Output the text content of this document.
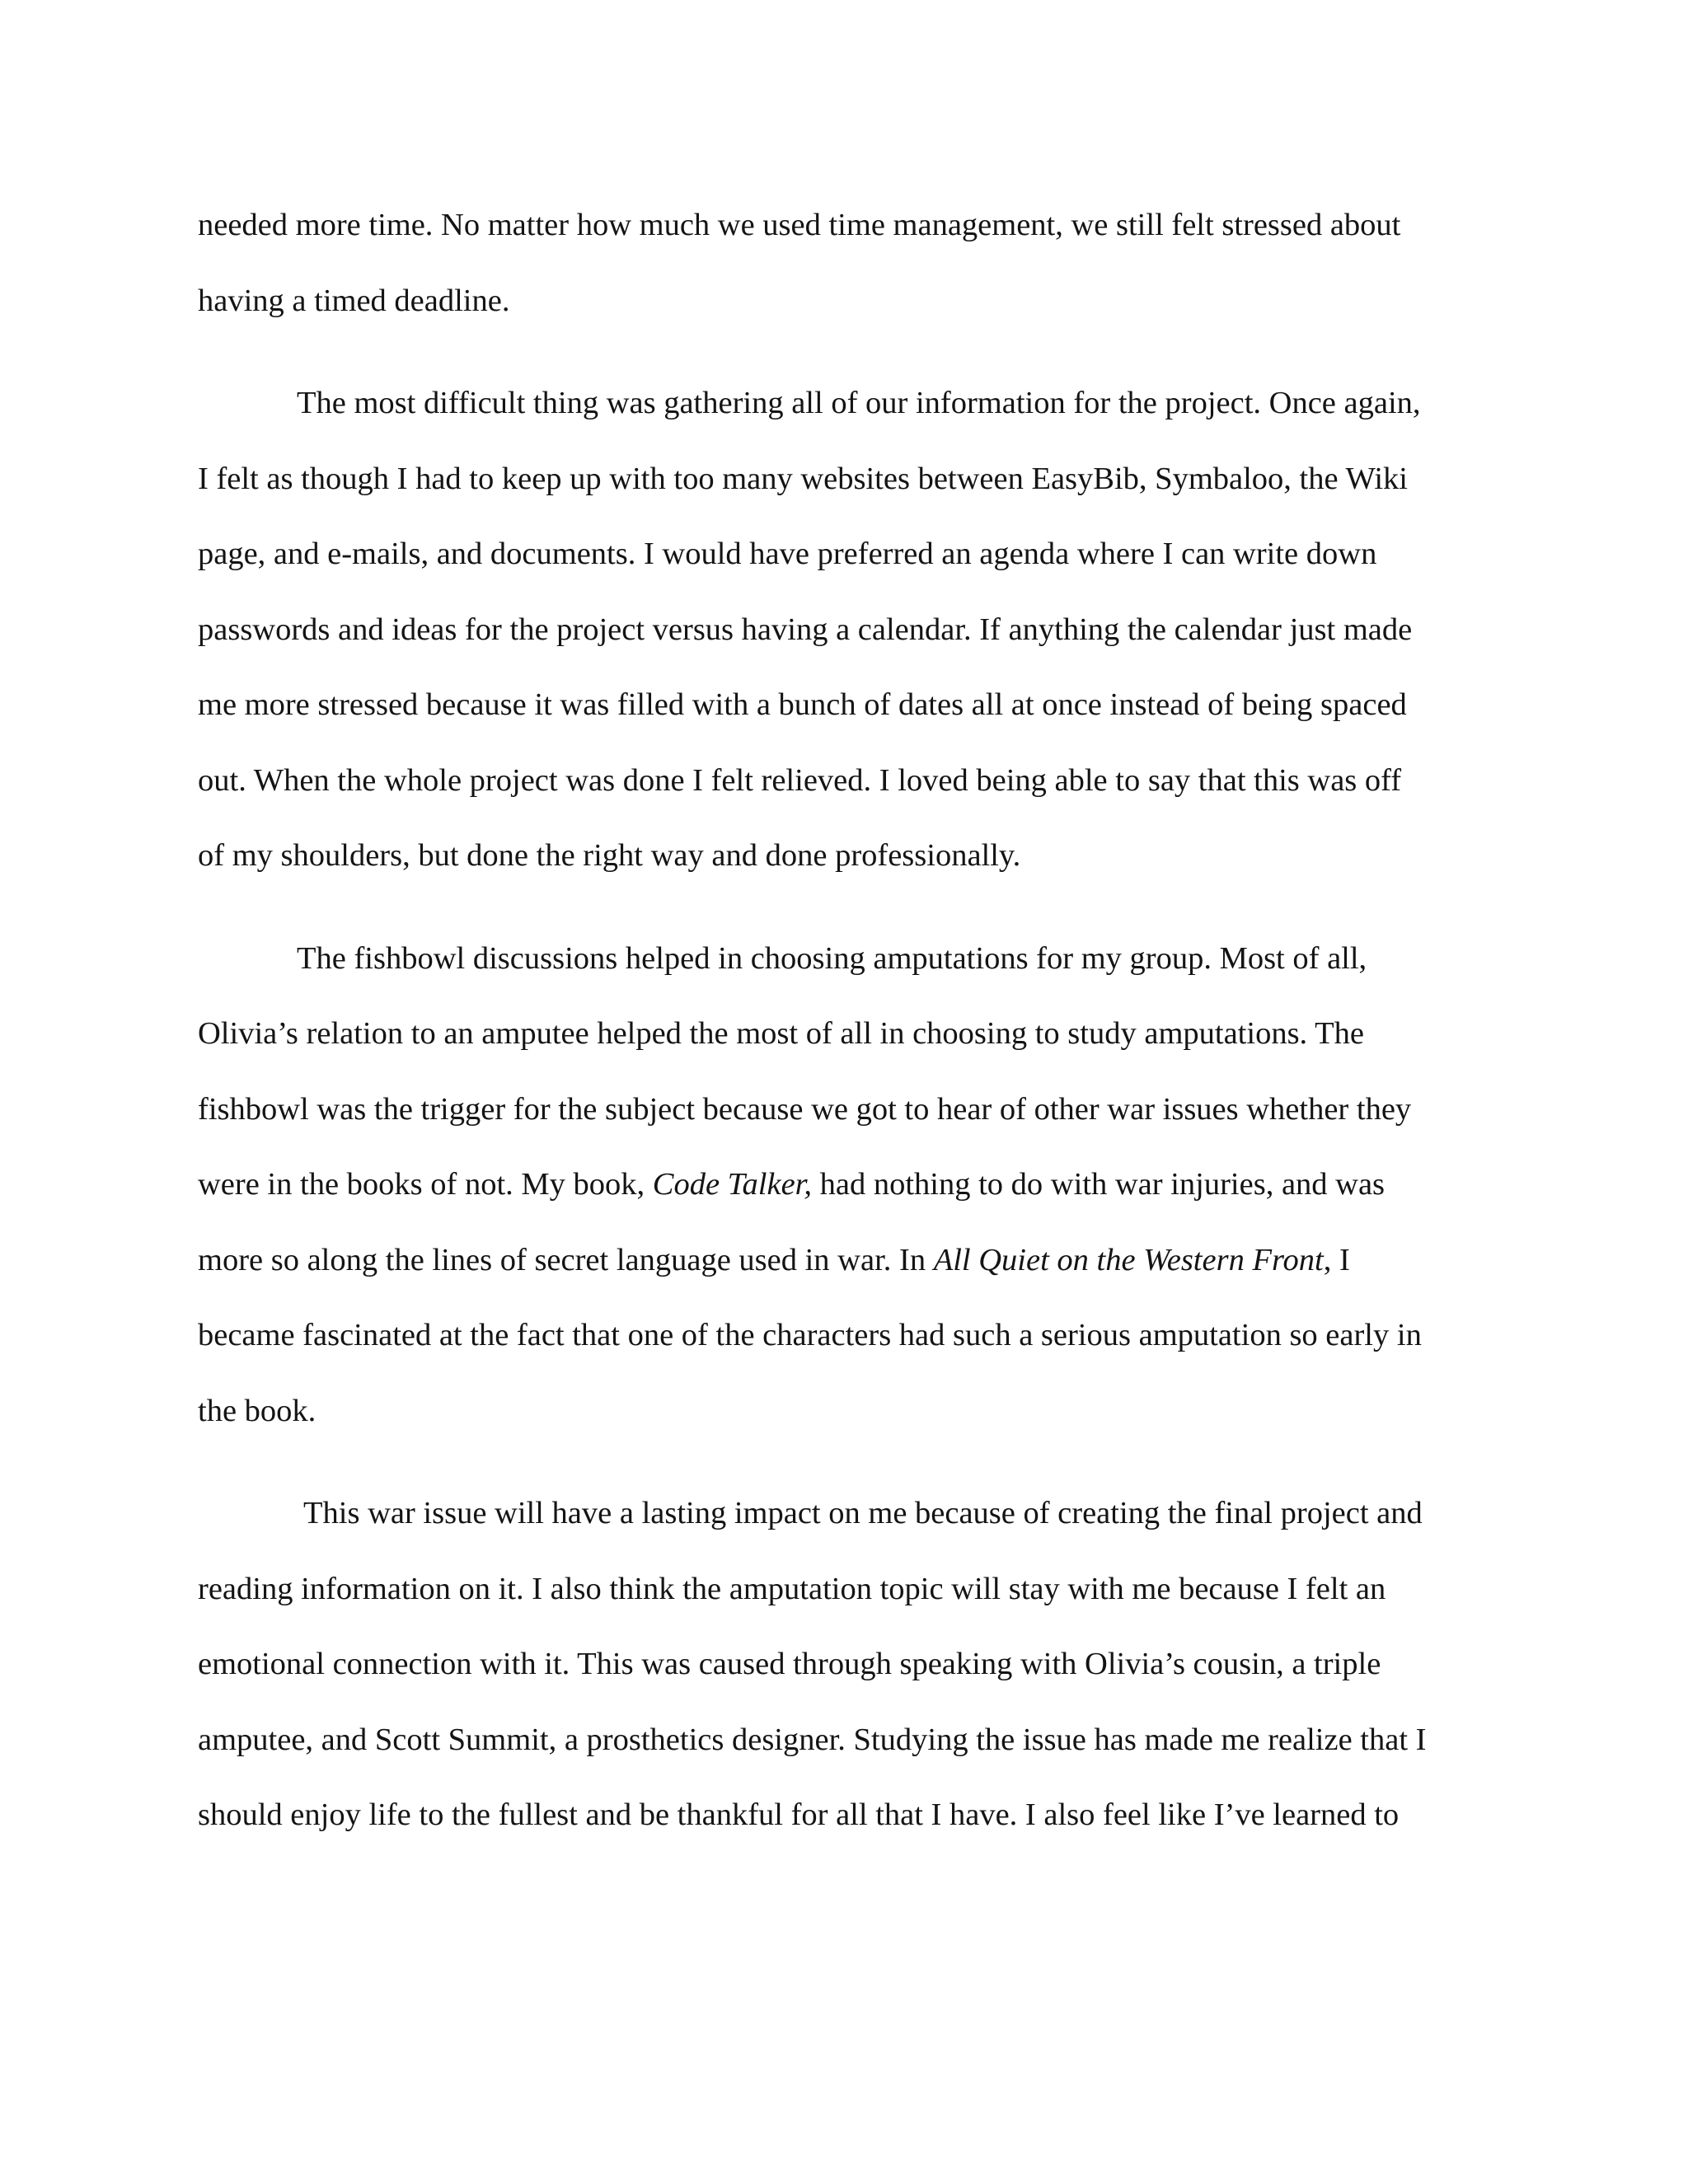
needed more time. No matter how much we used time management, we still felt stressed about
having a timed deadline.
The most difficult thing was gathering all of our information for the project. Once again,
I felt as though I had to keep up with too many websites between EasyBib, Symbaloo, the Wiki
page, and e-mails, and documents. I would have preferred an agenda where I can write down
passwords and ideas for the project versus having a calendar. If anything the calendar just made
me more stressed because it was filled with a bunch of dates all at once instead of being spaced
out. When the whole project was done I felt relieved. I loved being able to say that this was off
of my shoulders, but done the right way and done professionally.
The fishbowl discussions helped in choosing amputations for my group. Most of all,
Olivia’s relation to an amputee helped the most of all in choosing to study amputations. The
fishbowl was the trigger for the subject because we got to hear of other war issues whether they
were in the books of not. My book, Code Talker, had nothing to do with war injuries, and was
more so along the lines of secret language used in war. In All Quiet on the Western Front, I
became fascinated at the fact that one of the characters had such a serious amputation so early in
the book.
This war issue will have a lasting impact on me because of creating the final project and
reading information on it. I also think the amputation topic will stay with me because I felt an
emotional connection with it. This was caused through speaking with Olivia’s cousin, a triple
amputee, and Scott Summit, a prosthetics designer. Studying the issue has made me realize that I
should enjoy life to the fullest and be thankful for all that I have. I also feel like I’ve learned to
